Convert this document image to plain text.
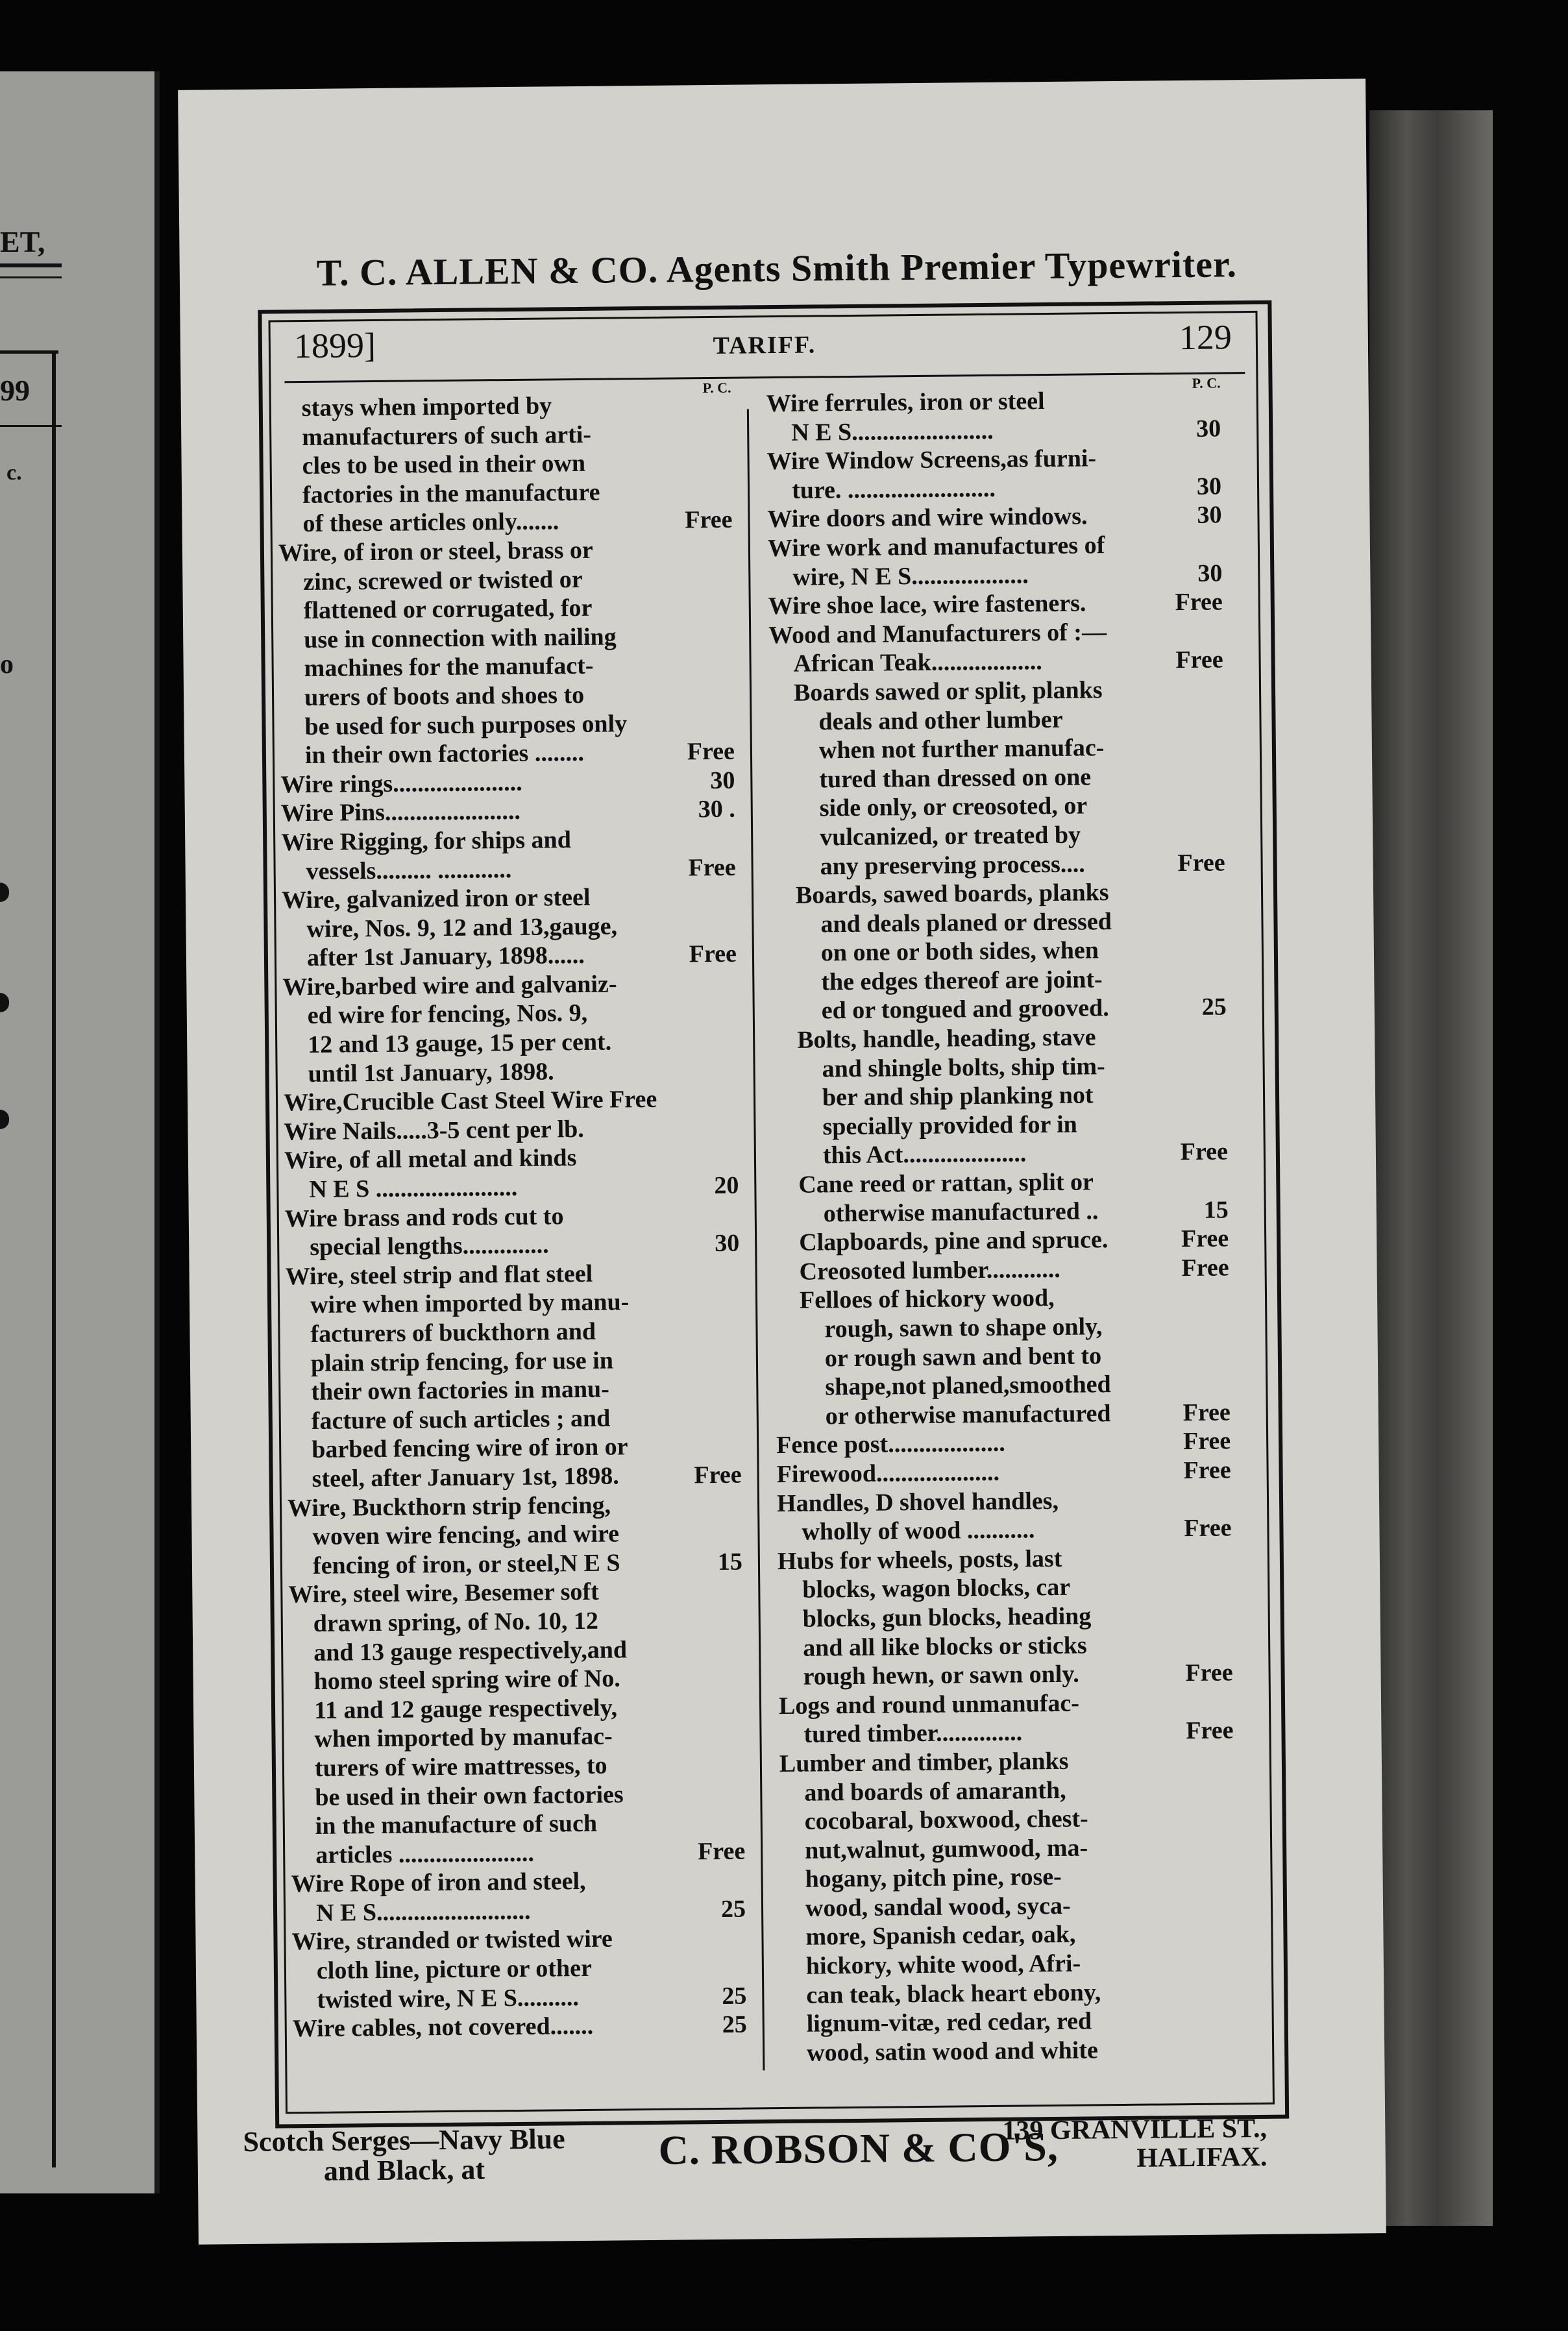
ET,
99
c.
o
T. C. ALLEN & CO. Agents Smith Premier Typewriter.
1899]	TARIFF.	129
P. C.
stays when imported by
manufacturers of such arti-
cles to be used in their own
factories in the manufacture
of these articles only.......	Free
Wire, of iron or steel, brass or
zinc, screwed or twisted or
flattened or corrugated, for
use in connection with nailing
machines for the manufact-
urers of boots and shoes to
be used for such purposes only
in their own factories ........	Free
Wire rings.....................	30
Wire Pins......................	30 .
Wire Rigging, for ships and
vessels......... ............	Free
Wire, galvanized iron or steel
wire, Nos. 9, 12 and 13,gauge,
after 1st January, 1898......	Free
Wire,barbed wire and galvaniz-
ed wire for fencing, Nos. 9,
12 and 13 gauge, 15 per cent.
until 1st January, 1898.
Wire,Crucible Cast Steel Wire Free
Wire Nails.....3-5 cent per lb.
Wire, of all metal and kinds
N E S .......................	20
Wire brass and rods cut to
special lengths..............	30
Wire, steel strip and flat steel
wire when imported by manu-
facturers of buckthorn and
plain strip fencing, for use in
their own factories in manu-
facture of such articles ; and
barbed fencing wire of iron or
steel, after January 1st, 1898.	Free
Wire, Buckthorn strip fencing,
woven wire fencing, and wire
fencing of iron, or steel,N E S	15
Wire, steel wire, Besemer soft
drawn spring, of No. 10, 12
and 13 gauge respectively,and
homo steel spring wire of No.
11 and 12 gauge respectively,
when imported by manufac-
turers of wire mattresses, to
be used in their own factories
in the manufacture of such
articles ......................	Free
Wire Rope of iron and steel,
N E S.........................	25
Wire, stranded or twisted wire
cloth line, picture or other
twisted wire, N E S..........	25
Wire cables, not covered.......	25
P. C.
Wire ferrules, iron or steel
N E S.......................	30
Wire Window Screens,as furni-
ture. ........................	30
Wire doors and wire windows.	30
Wire work and manufactures of
wire, N E S...................	30
Wire shoe lace, wire fasteners.	Free
Wood and Manufacturers of :—
African Teak..................	Free
Boards sawed or split, planks
deals and other lumber
when not further manufac-
tured than dressed on one
side only, or creosoted, or
vulcanized, or treated by
any preserving process....	Free
Boards, sawed boards, planks
and deals planed or dressed
on one or both sides, when
the edges thereof are joint-
ed or tongued and grooved.	25
Bolts, handle, heading, stave
and shingle bolts, ship tim-
ber and ship planking not
specially provided for in
this Act....................	Free
Cane reed or rattan, split or
otherwise manufactured ..	15
Clapboards, pine and spruce.	Free
Creosoted lumber............	Free
Felloes of hickory wood,
rough, sawn to shape only,
or rough sawn and bent to
shape,not planed,smoothed
or otherwise manufactured	Free
Fence post...................	Free
Firewood....................	Free
Handles, D shovel handles,
wholly of wood ...........	Free
Hubs for wheels, posts, last
blocks, wagon blocks, car
blocks, gun blocks, heading
and all like blocks or sticks
rough hewn, or sawn only.	Free
Logs and round unmanufac-
tured timber..............	Free
Lumber and timber, planks
and boards of amaranth,
cocobaral, boxwood, chest-
nut,walnut, gumwood, ma-
hogany, pitch pine, rose-
wood, sandal wood, syca-
more, Spanish cedar, oak,
hickory, white wood, Afri-
can teak, black heart ebony,
lignum-vitæ, red cedar, red
wood, satin wood and white
Scotch Serges—Navy Blue
and Black, at	C. ROBSON & CO'S,
139 GRANVILLE ST.,
HALIFAX.
